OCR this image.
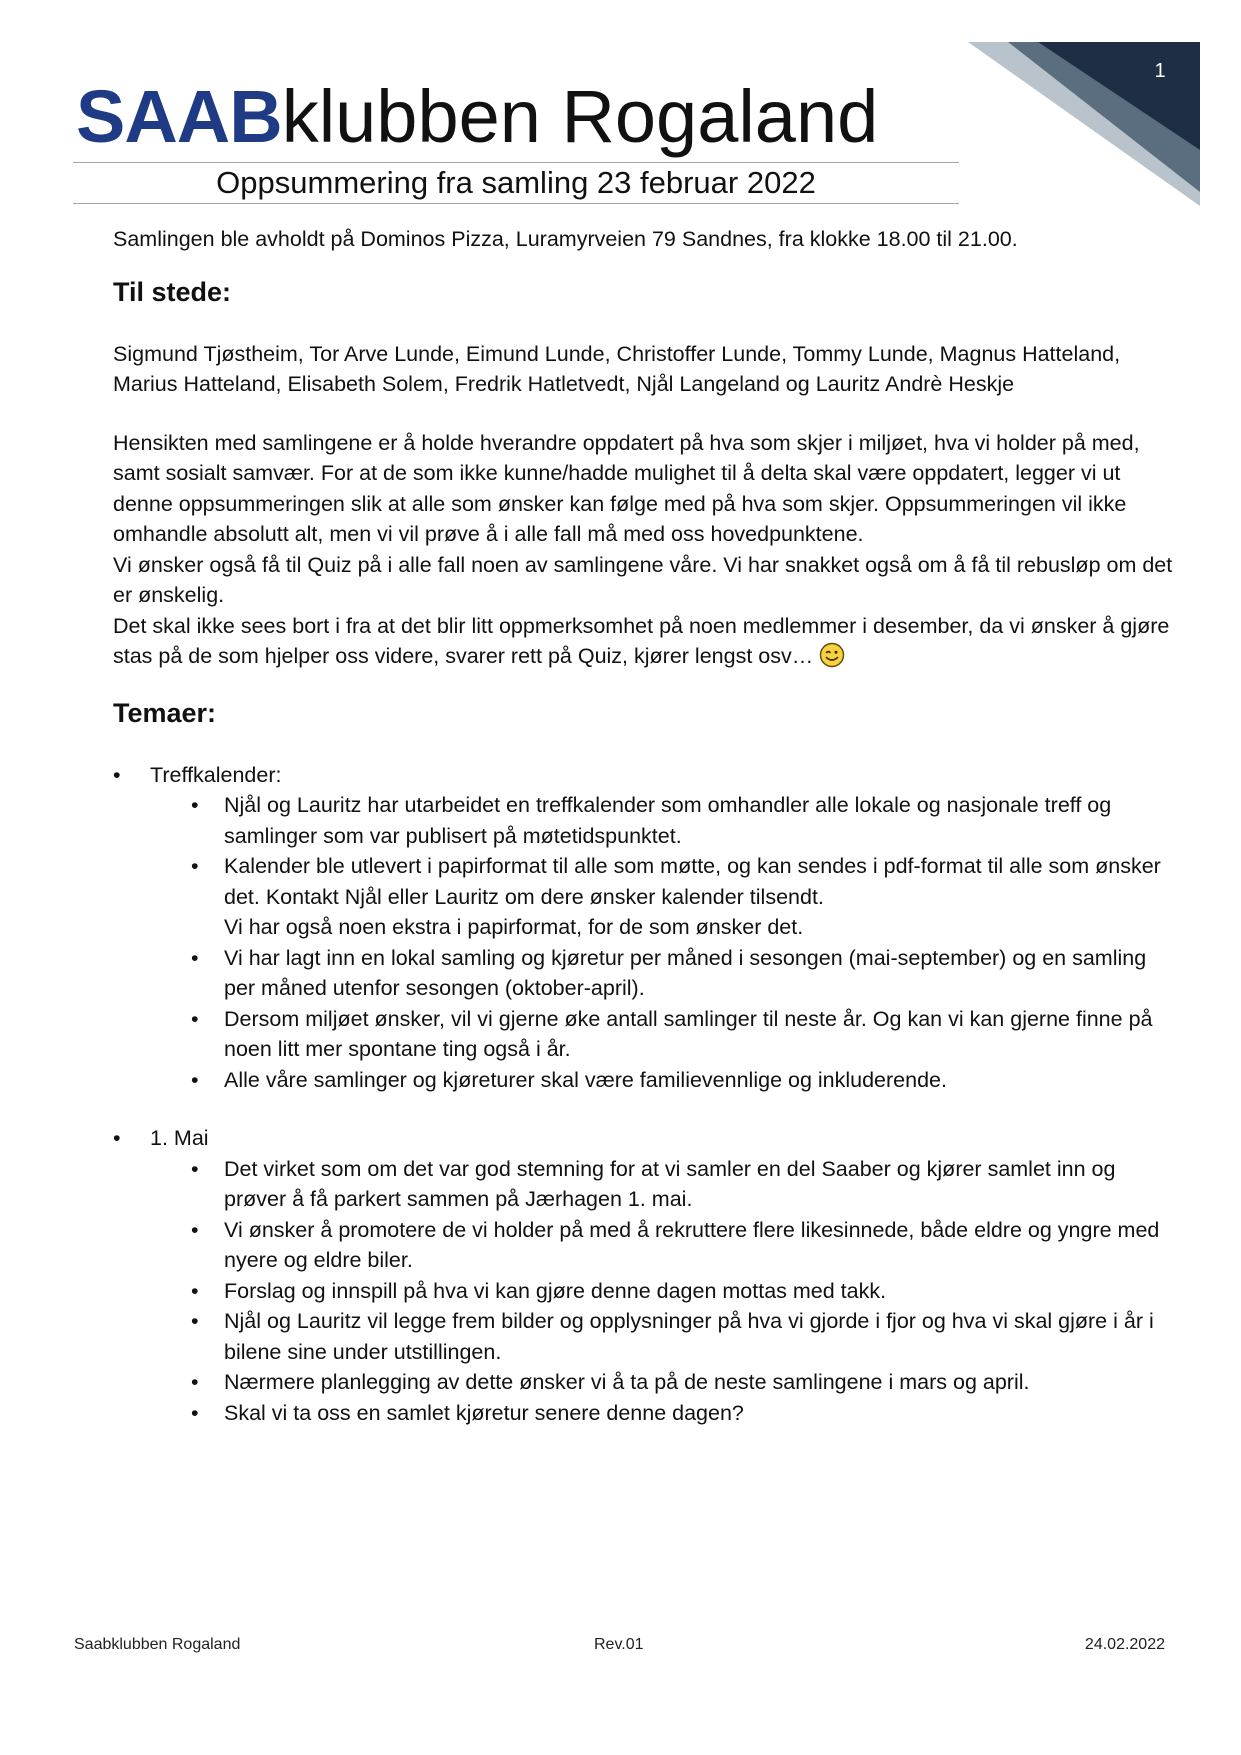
1
SAABklubben Rogaland
Oppsummering fra samling 23 februar 2022

Samlingen ble avholdt på Dominos Pizza, Luramyrveien 79 Sandnes, fra klokke 18.00 til 21.00.

Til stede:

Sigmund Tjøstheim, Tor Arve Lunde, Eimund Lunde, Christoffer Lunde, Tommy Lunde, Magnus Hatteland, Marius Hatteland, Elisabeth Solem, Fredrik Hatletvedt, Njål Langeland og Lauritz Andrè Heskje

Hensikten med samlingene er å holde hverandre oppdatert på hva som skjer i miljøet, hva vi holder på med, samt sosialt samvær. For at de som ikke kunne/hadde mulighet til å delta skal være oppdatert, legger vi ut denne oppsummeringen slik at alle som ønsker kan følge med på hva som skjer. Oppsummeringen vil ikke omhandle absolutt alt, men vi vil prøve å i alle fall må med oss hovedpunktene.

Vi ønsker også få til Quiz på i alle fall noen av samlingene våre. Vi har snakket også om å få til rebusløp om det er ønskelig.

Det skal ikke sees bort i fra at det blir litt oppmerksomhet på noen medlemmer i desember, da vi ønsker å gjøre stas på de som hjelper oss videre, svarer rett på Quiz, kjører lengst osv…

Temaer:
• Treffkalender:
• Njål og Lauritz har utarbeidet en treffkalender som omhandler alle lokale og nasjonale treff og samlinger som var publisert på møtetidspunktet.
• Kalender ble utlevert i papirformat til alle som møtte, og kan sendes i pdf-format til alle som ønsker det. Kontakt Njål eller Lauritz om dere ønsker kalender tilsendt.
Vi har også noen ekstra i papirformat, for de som ønsker det.
• Vi har lagt inn en lokal samling og kjøretur per måned i sesongen (mai-september) og en samling per måned utenfor sesongen (oktober-april).
• Dersom miljøet ønsker, vil vi gjerne øke antall samlinger til neste år. Og kan vi kan gjerne finne på noen litt mer spontane ting også i år.
• Alle våre samlinger og kjøreturer skal være familievennlige og inkluderende.
• 1. Mai
• Det virket som om det var god stemning for at vi samler en del Saaber og kjører samlet inn og prøver å få parkert sammen på Jærhagen 1. mai.
• Vi ønsker å promotere de vi holder på med å rekruttere flere likesinnede, både eldre og yngre med nyere og eldre biler.
• Forslag og innspill på hva vi kan gjøre denne dagen mottas med takk.
• Njål og Lauritz vil legge frem bilder og opplysninger på hva vi gjorde i fjor og hva vi skal gjøre i år i bilene sine under utstillingen.
• Nærmere planlegging av dette ønsker vi å ta på de neste samlingene i mars og april.
• Skal vi ta oss en samlet kjøretur senere denne dagen?
Saabklubben Rogaland	Rev.01	24.02.2022
